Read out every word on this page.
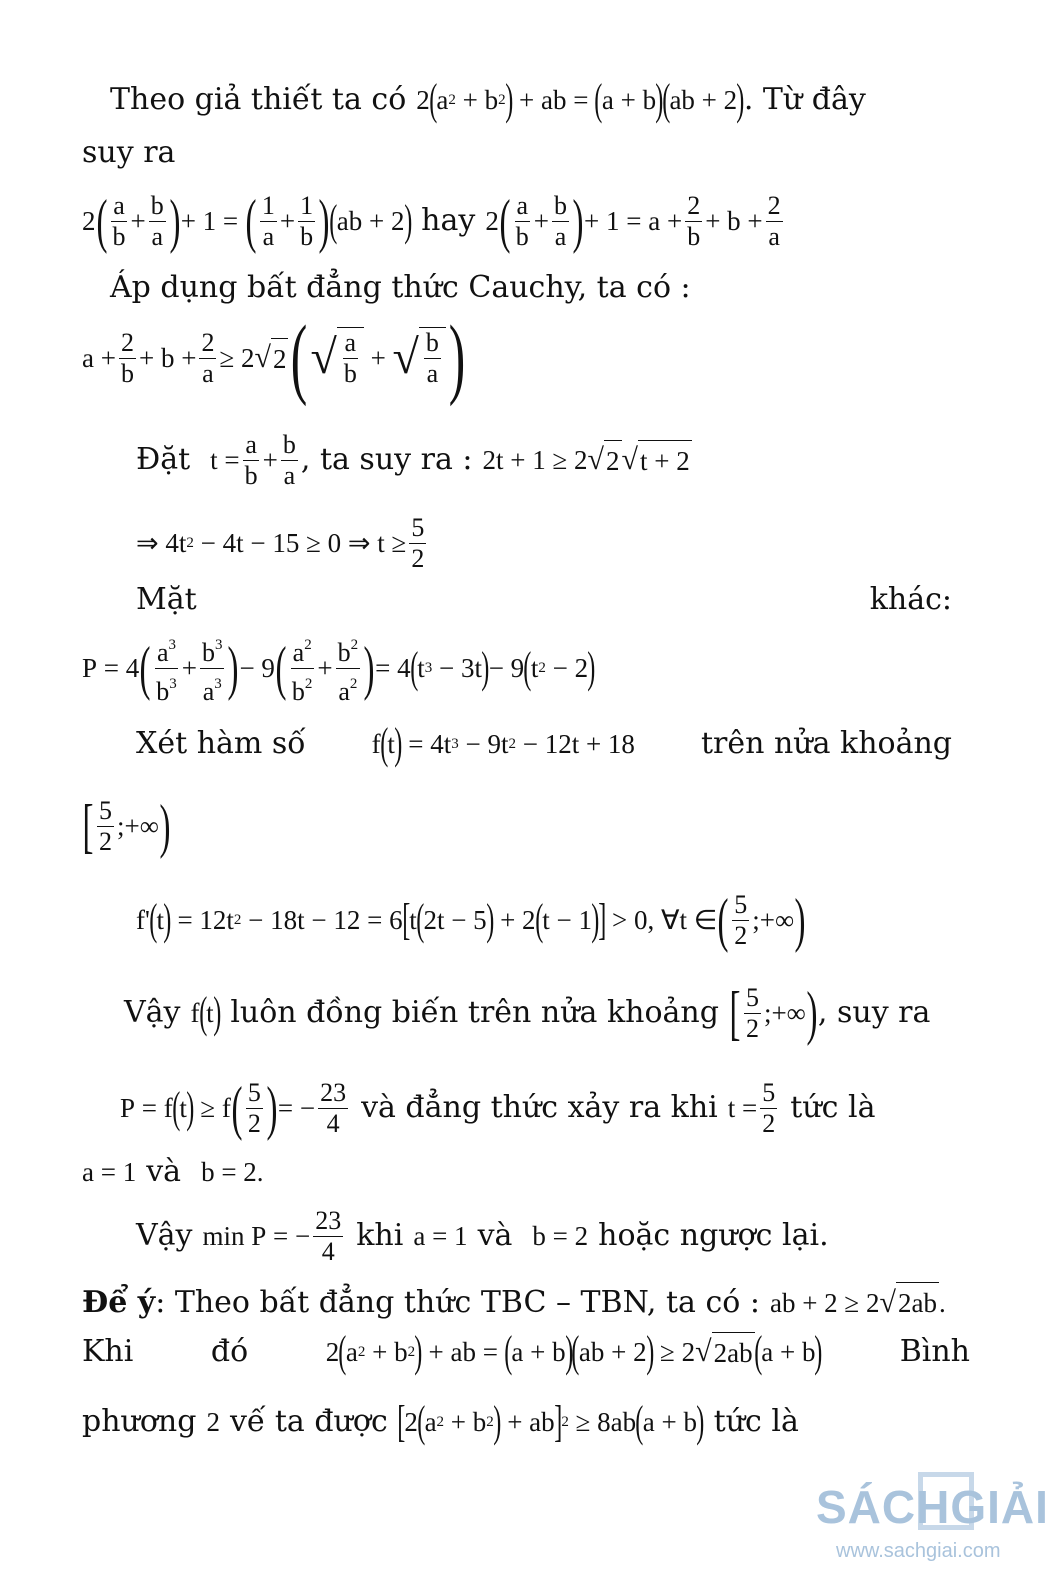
Theo giả thiết ta có 2 ( a 2 + b 2 ) + ab = ( a + b )
( ab + 2 ) . Từ đây
suy ra
2 ( $\frac{a}{b} + \frac{b}{a}$ ) + 1 = ( $\frac{1}{a} + \frac{1}{b}$ ) ( ab + 2 ) hay 2 ( $\frac{a}{b} + \frac{b}{a}$ ) + $1 = a + \frac{2}{b} + b + \frac{2}{a}$
Áp dụng bất đẳng thức Cauchy, ta có :
$a + \frac{2}{b} + b + \frac{2}{a} \ge 2$ √ 2 ( √ $\frac{a}{b}$ + √ $\frac{b}{a}$ )
Đặt $t = \frac{a}{b} + \frac{b}{a}$ , ta suy ra : 2t + 1 ≥ 2 √ 2 √ t + 2
⇒ 4t 2 − 4t − 15 ≥ 0 ⇒ $t \ge \frac{5}{2}$
Mặt	khác:
P = 4 ( $\frac{a^3}{b^3} + \frac{b^3}{a^3}$ ) − 9 ( $\frac{a^2}{b^2} + \frac{b^2}{a^2}$ ) = 4 ( t 3 − 3t ) − 9 ( t 2 − 2 )
Xét hàm số f ( t ) = 4t 3 − 9t 2 − 12t + 18 trên nửa khoảng
[ $\frac{5}{2}$ ;+∞ )
f' ( t ) = 12t 2 − 18t − 12 = 6 [ t ( 2t − 5 ) + 2 ( t − 1 )
] > 0, ∀t ∈ ( $\frac{5}{2}$ ;+∞ )
Vậy f ( t ) luôn đồng biến trên nửa khoảng [ $\frac{5}{2}$ ;+∞ ) , suy ra
P = f ( t ) ≥ f ( $\frac{5}{2}$ ) = − $\frac{23}{4}$ và đẳng thức xảy ra khi $t = \frac{5}{2}$ tức là
a = 1 và b = 2.
Vậy min P = − $\frac{23}{4}$ khi a = 1 và b = 2 hoặc ngược lại.
Để ý : Theo bất đẳng thức TBC – TBN, ta có : ab + 2 ≥ 2 √ 2ab .
Khi	đó	2 ( a 2 + b 2 ) + ab = ( a + b )
( ab + 2 ) ≥ 2 √ 2ab ( a + b )	Bình
phương 2 vế ta được [ 2 ( a 2 + b 2 ) + ab ] 2 ≥ 8ab ( a + b ) tức là
SÁCHGIẢI
www.sachgiai.com
